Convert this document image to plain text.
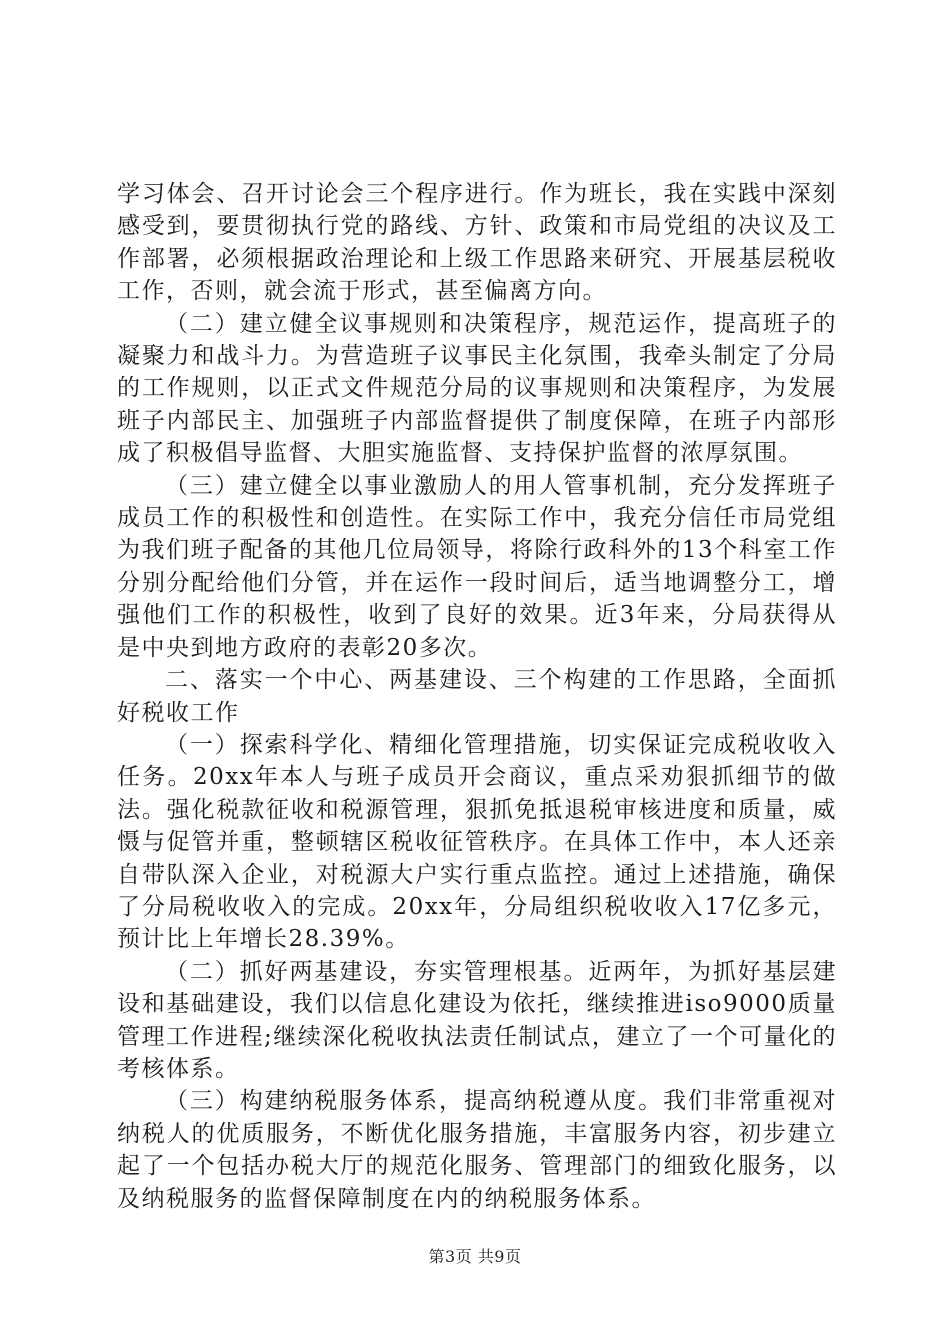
学习体会、召开讨论会三个程序进行。作为班长，我在实践中深刻感受到，要贯彻执行党的路线、方针、政策和市局党组的决议及工作部署，必须根据政治理论和上级工作思路来研究、开展基层税收工作，否则，就会流于形式，甚至偏离方向。

（二）建立健全议事规则和决策程序，规范运作，提高班子的凝聚力和战斗力。为营造班子议事民主化氛围，我牵头制定了分局的工作规则，以正式文件规范分局的议事规则和决策程序，为发展班子内部民主、加强班子内部监督提供了制度保障，在班子内部形成了积极倡导监督、大胆实施监督、支持保护监督的浓厚氛围。

（三）建立健全以事业激励人的用人管事机制，充分发挥班子成员工作的积极性和创造性。在实际工作中，我充分信任市局党组为我们班子配备的其他几位局领导，将除行政科外的13个科室工作分别分配给他们分管，并在运作一段时间后，适当地调整分工，增强他们工作的积极性，收到了良好的效果。近3年来，分局获得从是中央到地方政府的表彰20多次。

二、落实一个中心、两基建设、三个构建的工作思路，全面抓好税收工作

（一）探索科学化、精细化管理措施，切实保证完成税收收入任务。20xx年本人与班子成员开会商议，重点采劝狠抓细节的做法。强化税款征收和税源管理，狠抓免抵退税审核进度和质量，威慑与促管并重，整顿辖区税收征管秩序。在具体工作中，本人还亲自带队深入企业，对税源大户实行重点监控。通过上述措施，确保了分局税收收入的完成。20xx年，分局组织税收收入17亿多元，预计比上年增长28.39%。

（二）抓好两基建设，夯实管理根基。近两年，为抓好基层建设和基础建设，我们以信息化建设为依托，继续推进iso9000质量管理工作进程;继续深化税收执法责任制试点，建立了一个可量化的考核体系。

（三）构建纳税服务体系，提高纳税遵从度。我们非常重视对纳税人的优质服务，不断优化服务措施，丰富服务内容，初步建立起了一个包括办税大厅的规范化服务、管理部门的细致化服务，以及纳税服务的监督保障制度在内的纳税服务体系。

第3页 共9页
